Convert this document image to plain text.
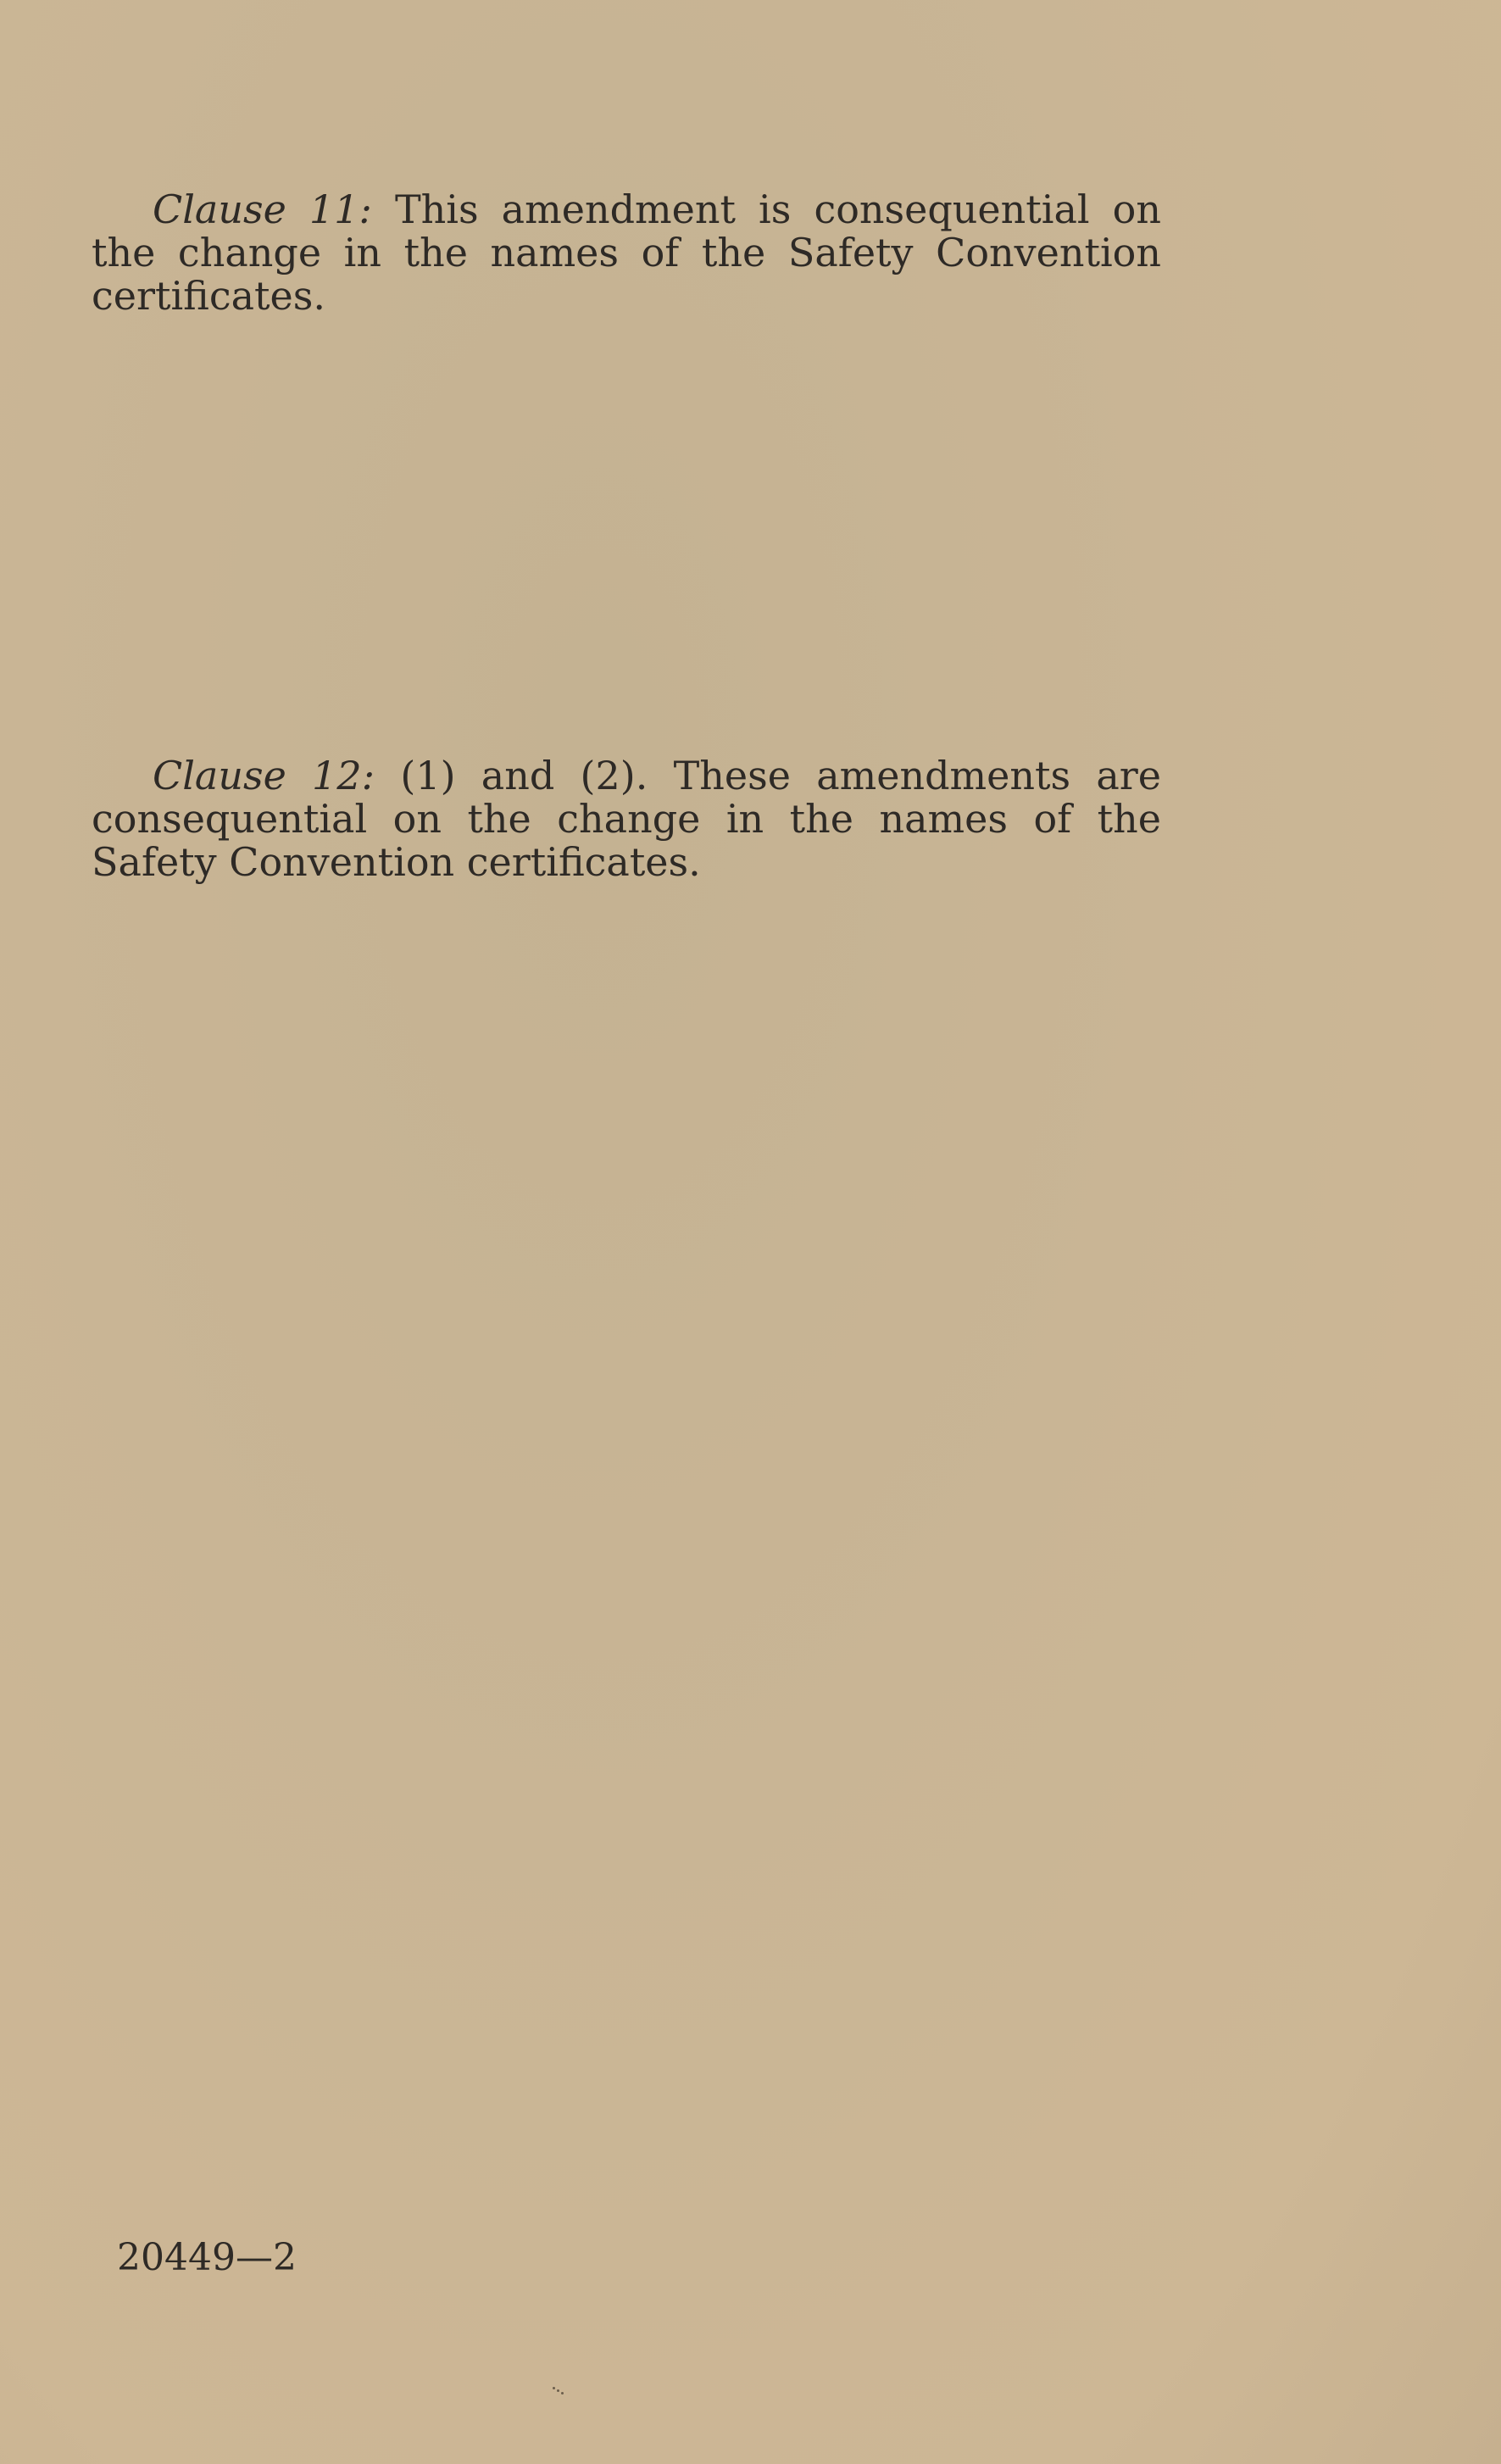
Clause 11: This amendment is consequential on the change in the names of the Safety Convention certificates.

Clause 12: (1) and (2). These amendments are consequential on the change in the names of the Safety Convention certificates.

20449—2
